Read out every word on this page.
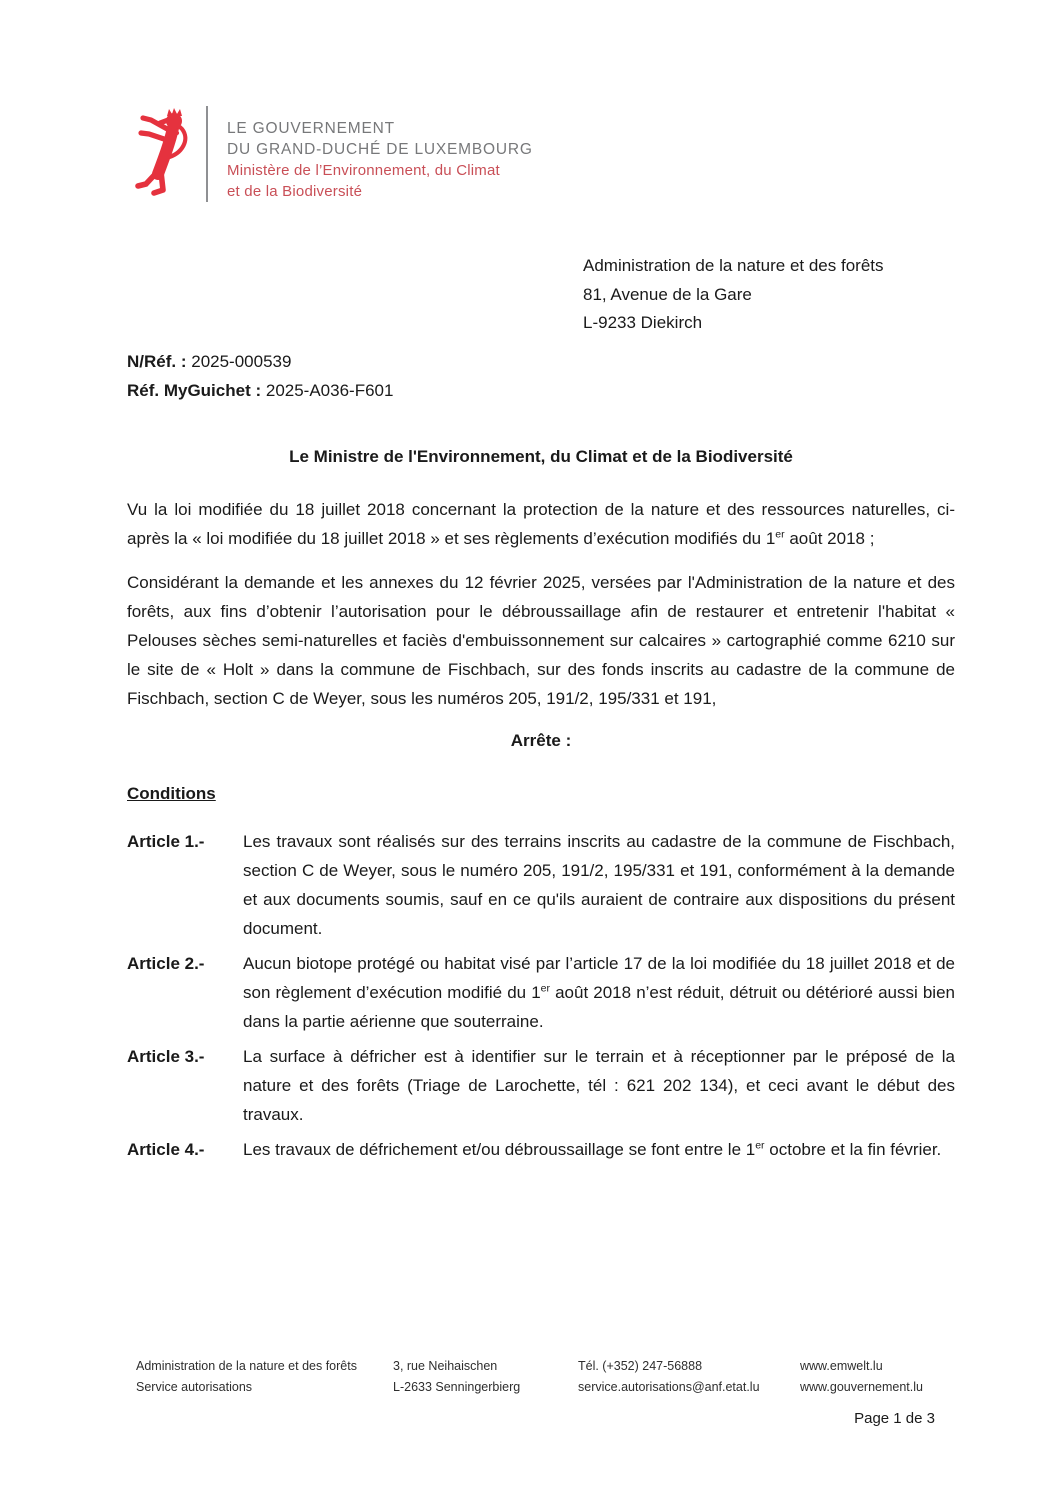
LE GOUVERNEMENT
DU GRAND-DUCHÉ DE LUXEMBOURG
Ministère de l’Environnement, du Climat
et de la Biodiversité
Administration de la nature et des forêts
81, Avenue de la Gare
L-9233 Diekirch
N/Réf. : 2025-000539
Réf. MyGuichet : 2025-A036-F601
Le Ministre de l'Environnement, du Climat et de la Biodiversité

Vu la loi modifiée du 18 juillet 2018 concernant la protection de la nature et des ressources naturelles, ci-après la « loi modifiée du 18 juillet 2018 » et ses règlements d’exécution modifiés du 1er août 2018 ;

Considérant la demande et les annexes du 12 février 2025, versées par l'Administration de la nature et des forêts, aux fins d’obtenir l’autorisation pour le débroussaillage afin de restaurer et entretenir l'habitat « Pelouses sèches semi-naturelles et faciès d'embuissonnement sur calcaires » cartographié comme 6210 sur le site de « Holt » dans la commune de Fischbach, sur des fonds inscrits au cadastre de la commune de Fischbach, section C de Weyer, sous les numéros 205, 191/2, 195/331 et 191,

Arrête :

Conditions
Article 1.-	Les travaux sont réalisés sur des terrains inscrits au cadastre de la commune de Fischbach, section C de Weyer, sous le numéro 205, 191/2, 195/331 et 191, conformément à la demande et aux documents soumis, sauf en ce qu'ils auraient de contraire aux dispositions du présent document.
Article 2.-	Aucun biotope protégé ou habitat visé par l’article 17 de la loi modifiée du 18 juillet 2018 et de son règlement d’exécution modifié du 1er août 2018 n’est réduit, détruit ou détérioré aussi bien dans la partie aérienne que souterraine.
Article 3.-	La surface à défricher est à identifier sur le terrain et à réceptionner par le préposé de la nature et des forêts (Triage de Larochette, tél : 621 202 134), et ceci avant le début des travaux.
Article 4.-	Les travaux de défrichement et/ou débroussaillage se font entre le 1er octobre et la fin février.
Administration de la nature et des forêts
Service autorisations
3, rue Neihaischen
L-2633 Senningerbierg
Tél. (+352) 247-56888
service.autorisations@anf.etat.lu
www.emwelt.lu
www.gouvernement.lu
Page 1 de 3
